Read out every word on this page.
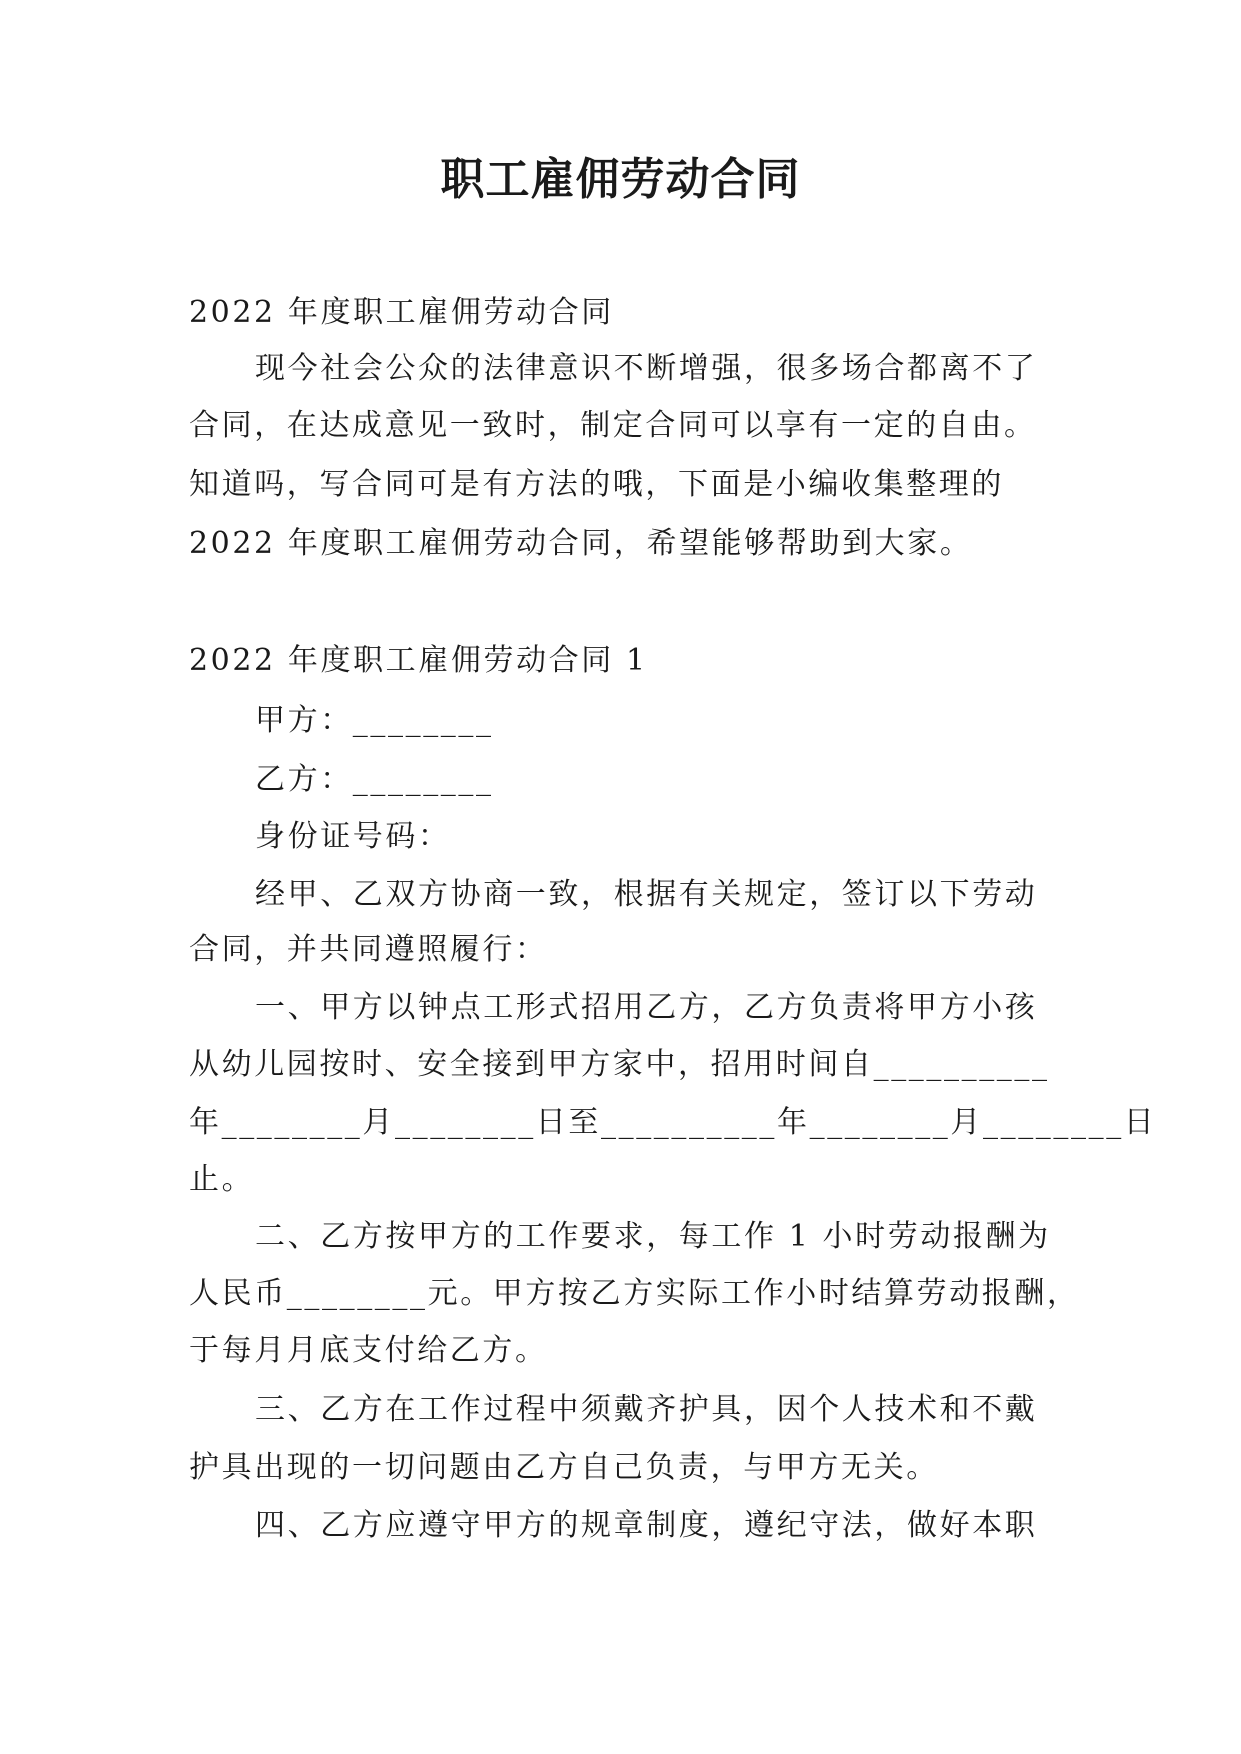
职工雇佣劳动合同
2022 年度职工雇佣劳动合同
现今社会公众的法律意识不断增强，很多场合都离不了
合同，在达成意见一致时，制定合同可以享有一定的自由。
知道吗，写合同可是有方法的哦，下面是小编收集整理的
2022 年度职工雇佣劳动合同，希望能够帮助到大家。
2022 年度职工雇佣劳动合同 1
甲方：________
乙方：________
身份证号码：
经甲、乙双方协商一致，根据有关规定，签订以下劳动
合同，并共同遵照履行：
一、甲方以钟点工形式招用乙方，乙方负责将甲方小孩
从幼儿园按时、安全接到甲方家中，招用时间自__________
年________月________日至__________年________月________日
止。
二、乙方按甲方的工作要求，每工作 1 小时劳动报酬为
人民币________元。甲方按乙方实际工作小时结算劳动报酬，
于每月月底支付给乙方。
三、乙方在工作过程中须戴齐护具，因个人技术和不戴
护具出现的一切问题由乙方自己负责，与甲方无关。
四、乙方应遵守甲方的规章制度，遵纪守法，做好本职
